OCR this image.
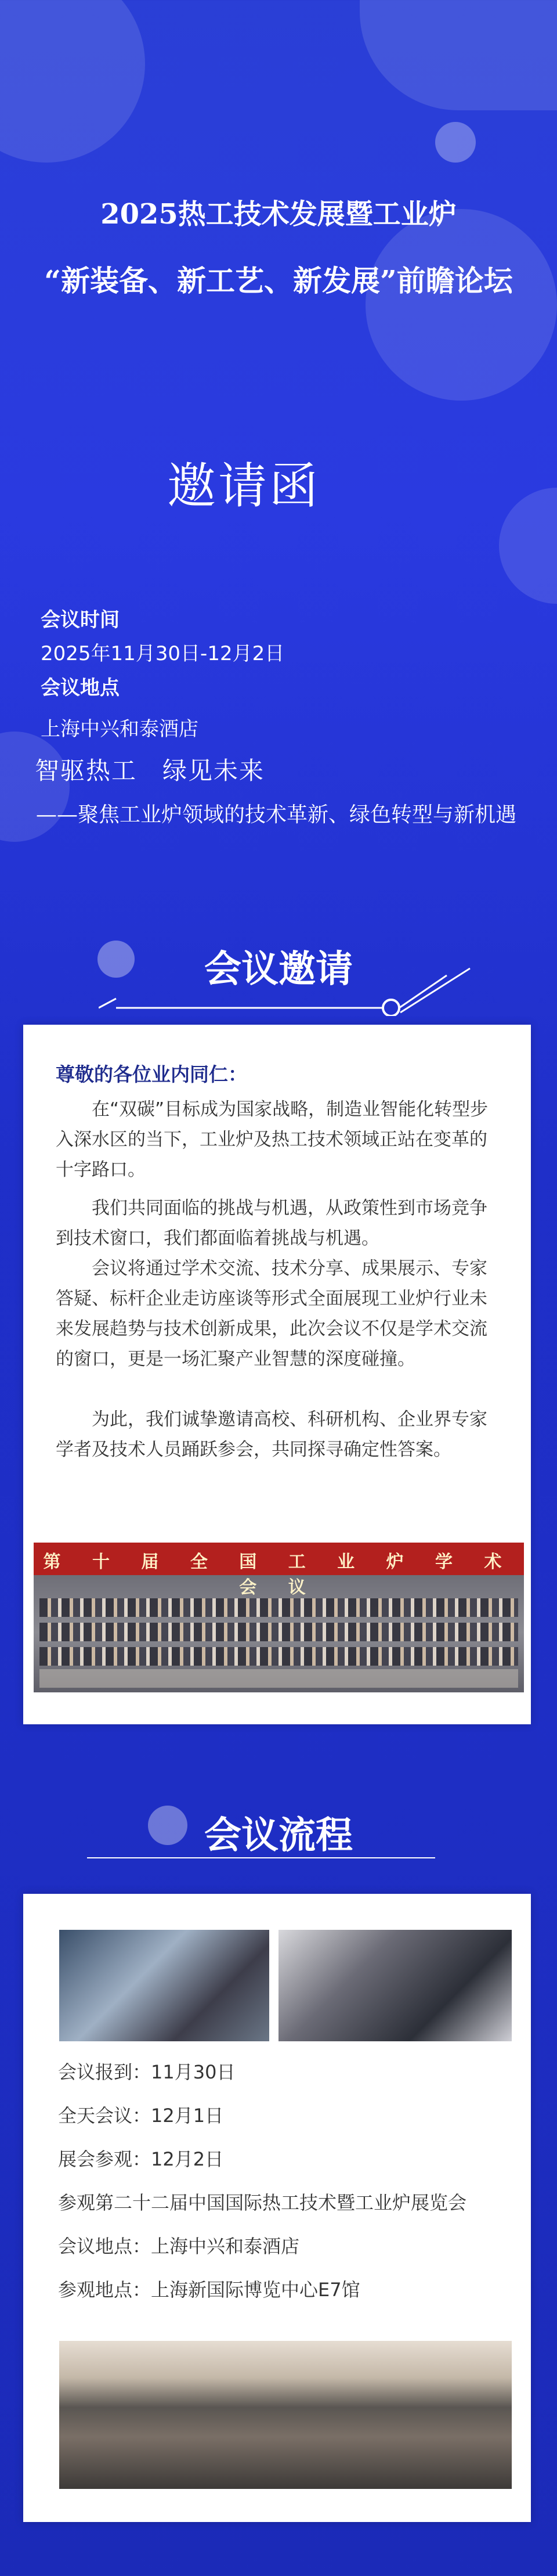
2025热工技术发展暨工业炉
“新装备、新工艺、新发展”前瞻论坛
邀请函
会议时间
2025年11月30日-12月2日
会议地点
上海中兴和泰酒店
智驱热工　绿见未来
——聚焦工业炉领域的技术革新、绿色转型与新机遇
会议邀请
尊敬的各位业内同仁：

在“双碳”目标成为国家战略，制造业智能化转型步入深水区的当下，工业炉及热工技术领域正站在变革的十字路口。

我们共同面临的挑战与机遇，从政策性到市场竞争到技术窗口，我们都面临着挑战与机遇。

会议将通过学术交流、技术分享、成果展示、专家答疑、标杆企业走访座谈等形式全面展现工业炉行业未来发展趋势与技术创新成果，此次会议不仅是学术交流的窗口，更是一场汇聚产业智慧的深度碰撞。

为此，我们诚挚邀请高校、科研机构、企业界专家学者及技术人员踊跃参会，共同探寻确定性答案。

第 十 届 全 国 工 业 炉 学 术 会 议
会议流程
会议报到：11月30日
全天会议：12月1日
展会参观：12月2日
参观第二十二届中国国际热工技术暨工业炉展览会
会议地点：上海中兴和泰酒店
参观地点：上海新国际博览中心E7馆
